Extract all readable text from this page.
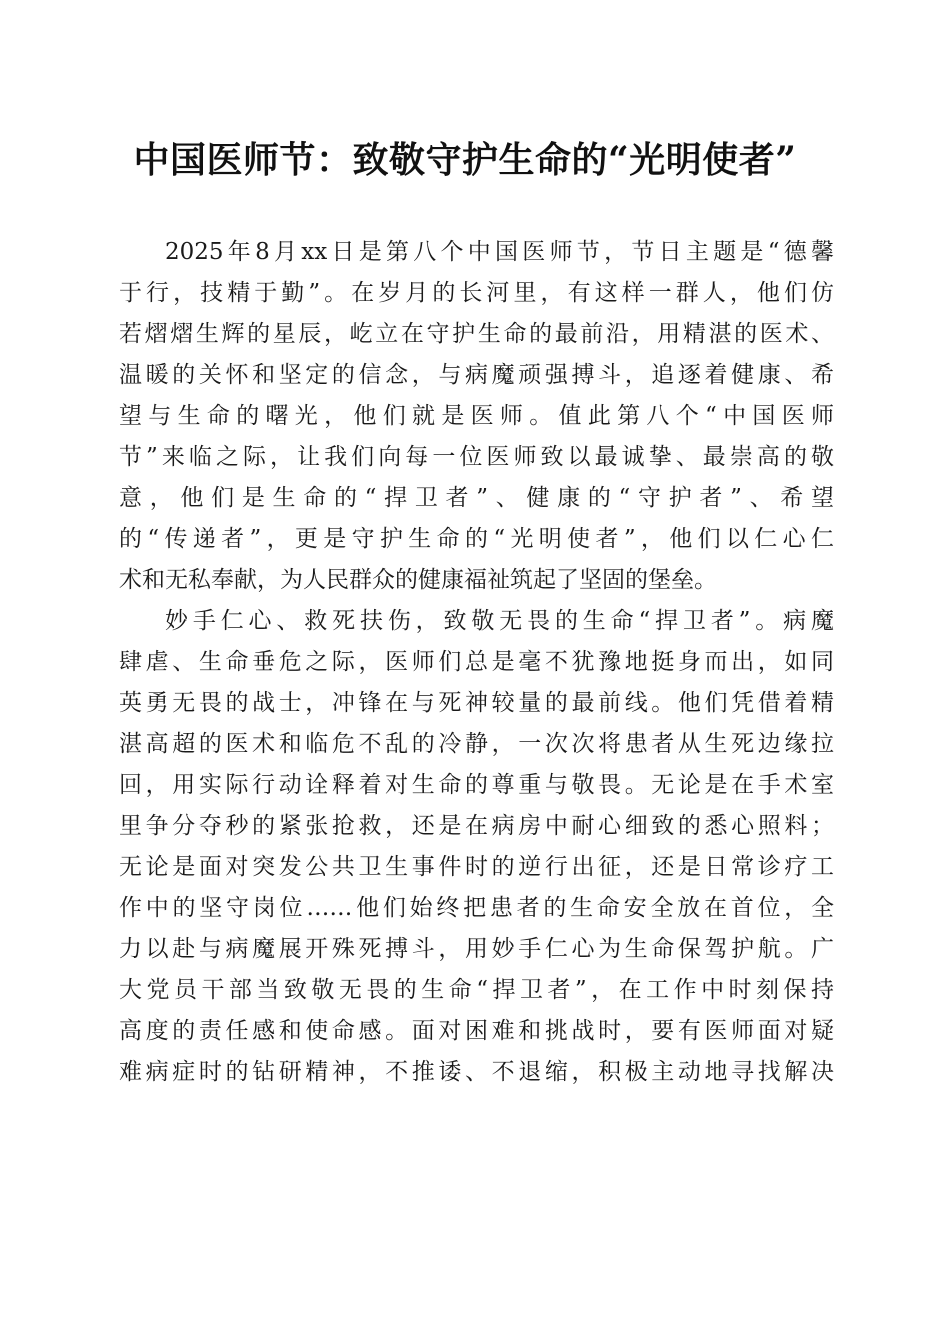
中国医师节：致敬守护生命的“光明使者”
2025年8月xx日是第八个中国医师节，节日主题是“德馨
于行，技精于勤”。在岁月的长河里，有这样一群人，他们仿
若熠熠生辉的星辰，屹立在守护生命的最前沿，用精湛的医术、
温暖的关怀和坚定的信念，与病魔顽强搏斗，追逐着健康、希
望与生命的曙光，他们就是医师。值此第八个“中国医师
节”来临之际，让我们向每一位医师致以最诚挚、最崇高的敬
意，他们是生命的“捍卫者”、健康的“守护者”、希望
的“传递者”，更是守护生命的“光明使者”，他们以仁心仁
术和无私奉献，为人民群众的健康福祉筑起了坚固的堡垒。
妙手仁心、救死扶伤，致敬无畏的生命“捍卫者”。病魔
肆虐、生命垂危之际，医师们总是毫不犹豫地挺身而出，如同
英勇无畏的战士，冲锋在与死神较量的最前线。他们凭借着精
湛高超的医术和临危不乱的冷静，一次次将患者从生死边缘拉
回，用实际行动诠释着对生命的尊重与敬畏。无论是在手术室
里争分夺秒的紧张抢救，还是在病房中耐心细致的悉心照料；
无论是面对突发公共卫生事件时的逆行出征，还是日常诊疗工
作中的坚守岗位……他们始终把患者的生命安全放在首位，全
力以赴与病魔展开殊死搏斗，用妙手仁心为生命保驾护航。广
大党员干部当致敬无畏的生命“捍卫者”，在工作中时刻保持
高度的责任感和使命感。面对困难和挑战时，要有医师面对疑
难病症时的钻研精神，不推诿、不退缩，积极主动地寻找解决
